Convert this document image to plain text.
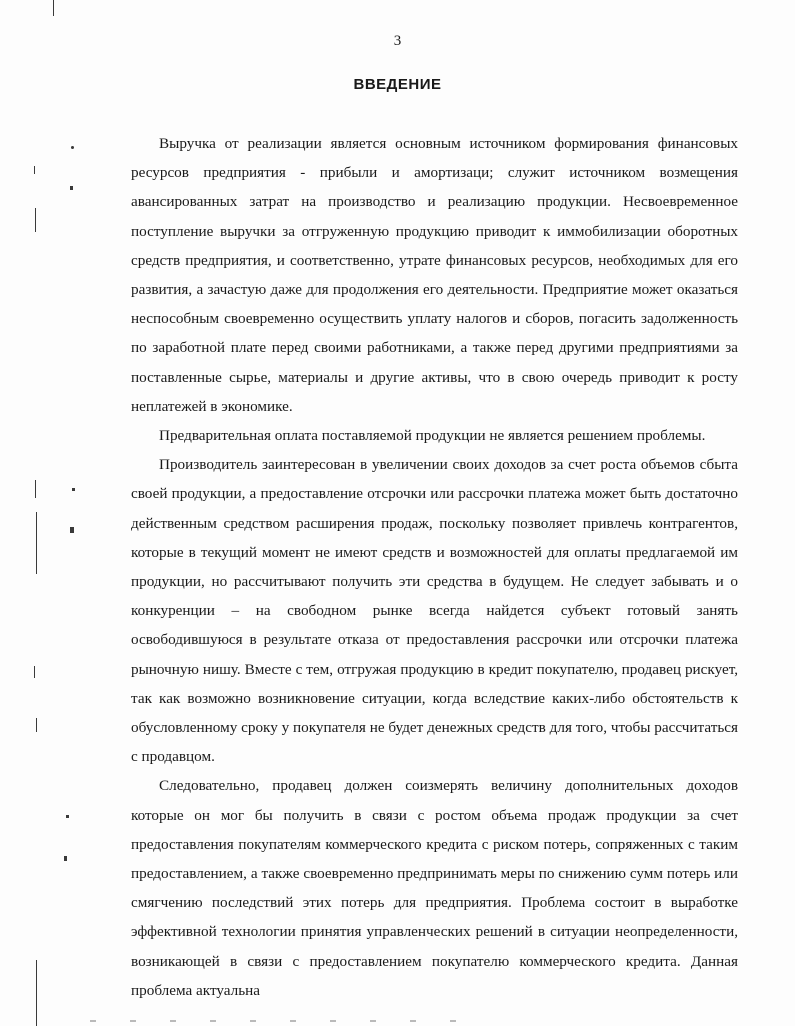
3
ВВЕДЕНИЕ

Выручка от реализации является основным источником формирования финансовых ресурсов предприятия - прибыли и амортизаци; служит источником возмещения авансированных затрат на производство и реализацию продукции. Несвоевременное поступление выручки за отгруженную продукцию приводит к иммобилизации оборотных средств предприятия, и соответственно, утрате финансовых ресурсов, необходимых для его развития, а зачастую даже для продолжения его деятельности. Предприятие может оказаться неспособным своевременно осуществить уплату налогов и сборов, погасить задолженность по заработной плате перед своими работниками, а также перед другими предприятиями за поставленные сырье, материалы и другие активы, что в свою очередь приводит к росту неплатежей в экономике.

Предварительная оплата поставляемой продукции не является решением проблемы.

Производитель заинтересован в увеличении своих доходов за счет роста объемов сбыта своей продукции, а предоставление отсрочки или рассрочки платежа может быть достаточно действенным средством расширения продаж, поскольку позволяет привлечь контрагентов, которые в текущий момент не имеют средств и возможностей для оплаты предлагаемой им продукции, но рассчитывают получить эти средства в будущем. Не следует забывать и о конкуренции – на свободном рынке всегда найдется субъект готовый занять освободившуюся в результате отказа от предоставления рассрочки или отсрочки платежа рыночную нишу. Вместе с тем, отгружая продукцию в кредит покупателю, продавец рискует, так как возможно возникновение ситуации, когда вследствие каких-либо обстоятельств к обусловленному сроку у покупателя не будет денежных средств для того, чтобы рассчитаться с продавцом.

Следовательно, продавец должен соизмерять величину дополнительных доходов которые он мог бы получить в связи с ростом объема продаж продукции за счет предоставления покупателям коммерческого кредита с риском потерь, сопряженных с таким предоставлением, а также своевременно предпринимать меры по снижению сумм потерь или смягчению последствий этих потерь для предприятия. Проблема состоит в выработке эффективной технологии принятия управленческих решений в ситуации неопределенности, возникающей в связи с предоставлением покупателю коммерческого кредита. Данная проблема актуальна
